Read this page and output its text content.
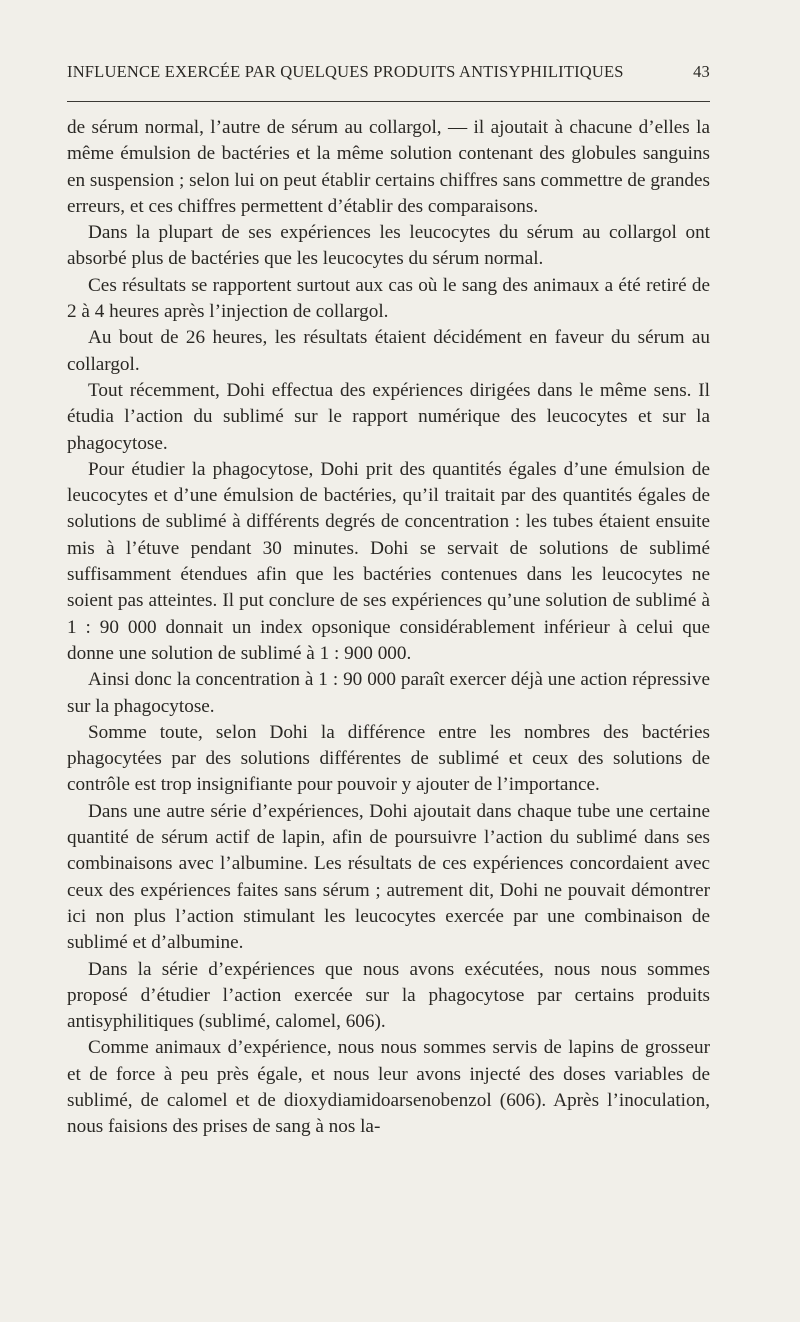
INFLUENCE EXERCÉE PAR QUELQUES PRODUITS ANTISYPHILITIQUES	43

de sérum normal, l’autre de sérum au collargol, — il ajoutait à chacune d’elles la même émulsion de bactéries et la même solution contenant des globules sanguins en suspension ; selon lui on peut établir certains chiffres sans commettre de grandes erreurs, et ces chiffres permettent d’établir des comparaisons.

Dans la plupart de ses expériences les leucocytes du sérum au collargol ont absorbé plus de bactéries que les leucocytes du sérum normal.

Ces résultats se rapportent surtout aux cas où le sang des animaux a été retiré de 2 à 4 heures après l’injection de collargol.

Au bout de 26 heures, les résultats étaient décidément en faveur du sérum au collargol.

Tout récemment, Dohi effectua des expériences dirigées dans le même sens. Il étudia l’action du sublimé sur le rapport numérique des leucocytes et sur la phagocytose.

Pour étudier la phagocytose, Dohi prit des quantités égales d’une émulsion de leucocytes et d’une émulsion de bactéries, qu’il traitait par des quantités égales de solutions de sublimé à différents degrés de concentration : les tubes étaient ensuite mis à l’étuve pendant 30 minutes. Dohi se servait de solutions de sublimé suffisamment étendues afin que les bactéries contenues dans les leucocytes ne soient pas atteintes. Il put conclure de ses expériences qu’une solution de sublimé à 1 : 90 000 donnait un index opsonique considérablement inférieur à celui que donne une solution de sublimé à 1 : 900 000.

Ainsi donc la concentration à 1 : 90 000 paraît exercer déjà une action répressive sur la phagocytose.

Somme toute, selon Dohi la différence entre les nombres des bactéries phagocytées par des solutions différentes de sublimé et ceux des solutions de contrôle est trop insignifiante pour pouvoir y ajouter de l’importance.

Dans une autre série d’expériences, Dohi ajoutait dans chaque tube une certaine quantité de sérum actif de lapin, afin de poursuivre l’action du sublimé dans ses combinaisons avec l’albumine. Les résultats de ces expériences concordaient avec ceux des expériences faites sans sérum ; autrement dit, Dohi ne pouvait démontrer ici non plus l’action stimulant les leucocytes exercée par une combinaison de sublimé et d’albumine.

Dans la série d’expériences que nous avons exécutées, nous nous sommes proposé d’étudier l’action exercée sur la phagocytose par certains produits antisyphilitiques (sublimé, calomel, 606).

Comme animaux d’expérience, nous nous sommes servis de lapins de grosseur et de force à peu près égale, et nous leur avons injecté des doses variables de sublimé, de calomel et de dioxydiamidoarsenobenzol (606). Après l’inoculation, nous faisions des prises de sang à nos la-
